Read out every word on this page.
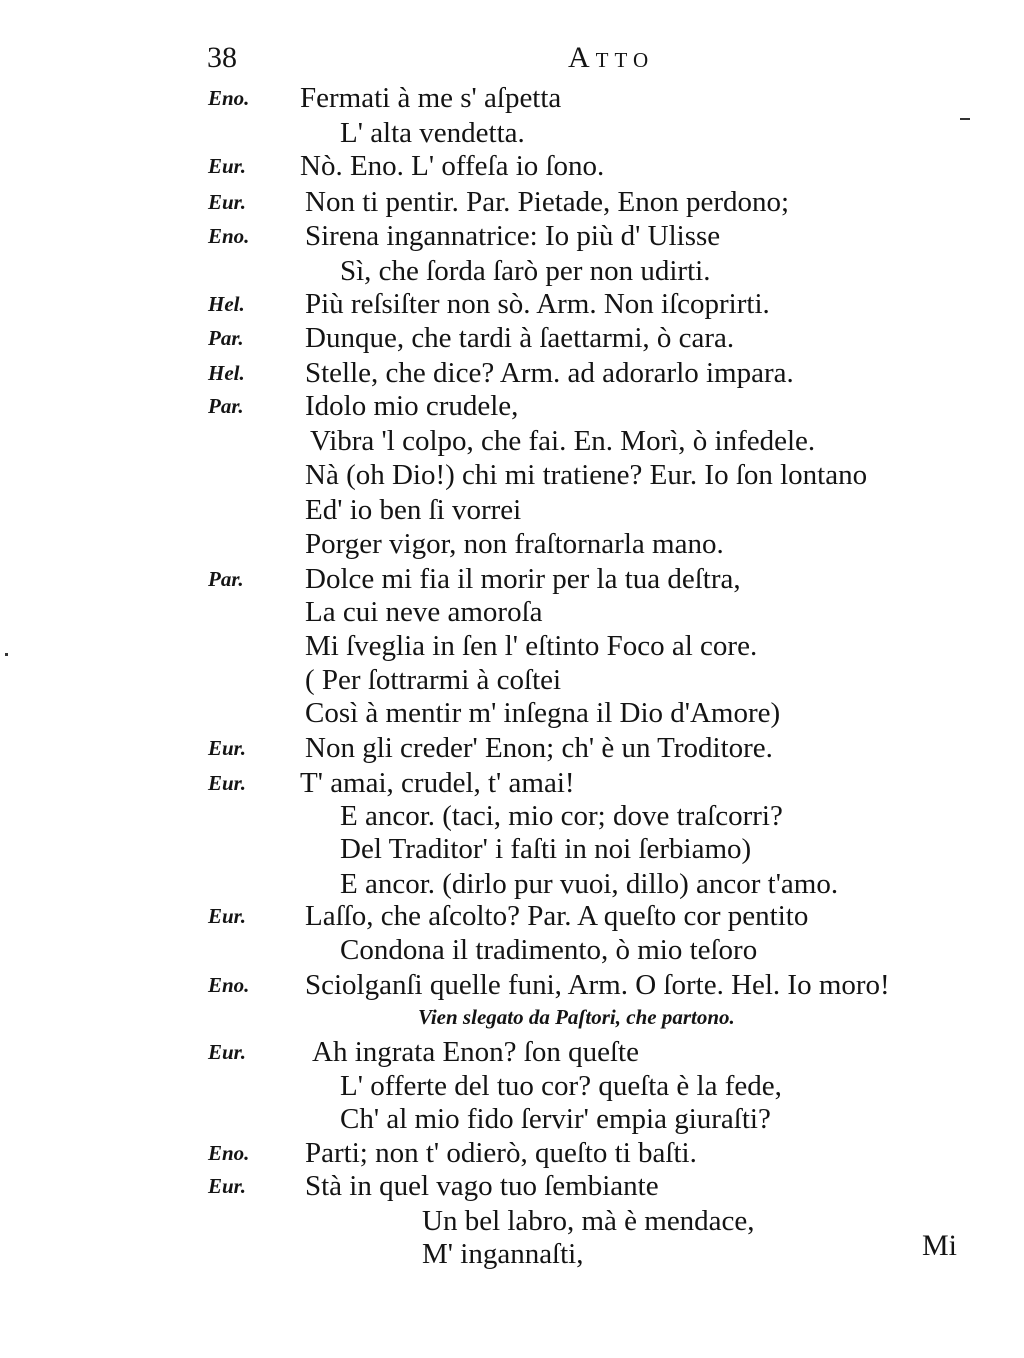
38	Atto
Eno. Fermati à me s' aſpetta
L' alta vendetta.
Eur. Nò. Eno. L' offeſa io ſono.
Eur. Non ti pentir. Par. Pietade, Enon perdono;
Eno. Sirena ingannatrice: Io più d' Ulisse
Sì, che ſorda ſarò per non udirti.
Hel. Più reſsiſter non sò. Arm. Non iſcoprirti.
Par. Dunque, che tardi à ſaettarmi, ò cara.
Hel. Stelle, che dice? Arm. ad adorarlo impara.
Par. Idolo mio crudele,
Vibra 'l colpo, che fai. En. Morì, ò infedele.
Nà (oh Dio!) chi mi tratiene? Eur. Io ſon lontano
Ed' io ben ſi vorrei
Porger vigor, non fraſtornarla mano.
Par. Dolce mi fia il morir per la tua deſtra,
La cui neve amoroſa
Mi ſveglia in ſen l' eſtinto Foco al core.
( Per ſottrarmi à coſtei
Così à mentir m' inſegna il Dio d'Amore)
Eur. Non gli creder' Enon; ch' è un Troditore.
Eur. T' amai, crudel, t' amai!
E ancor. (taci, mio cor; dove traſcorri?
Del Traditor' i faſti in noi ſerbiamo)
E ancor. (dirlo pur vuoi, dillo) ancor t'amo.
Eur. Laſſo, che aſcolto? Par. A queſto cor pentito
Condona il tradimento, ò mio teſoro
Eno. Sciolganſi quelle funi, Arm. O ſorte. Hel. Io moro!
Vien slegato da Paſtori, che partono.
Eur. Ah ingrata Enon? ſon queſte
L' offerte del tuo cor? queſta è la fede,
Ch' al mio fido ſervir' empia giuraſti?
Eno. Parti; non t' odierò, queſto ti baſti.
Eur. Stà in quel vago tuo ſembiante
Un bel labro, mà è mendace,
M' ingannaſti,	Mi
